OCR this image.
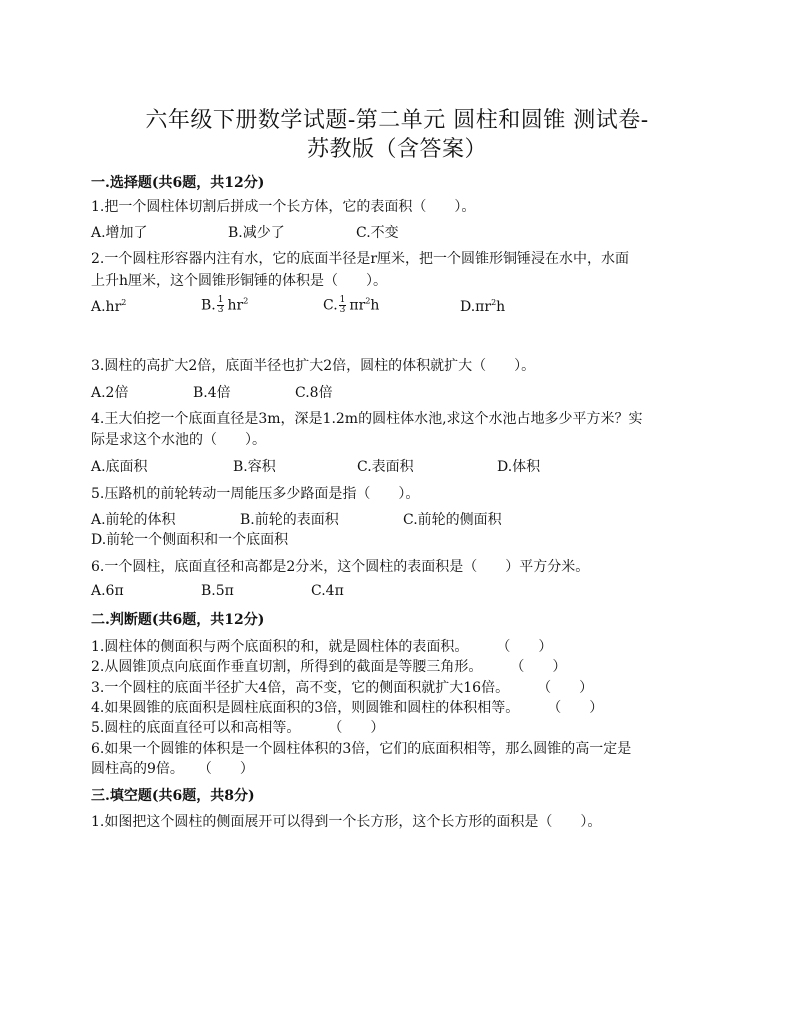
六年级下册数学试题-第二单元 圆柱和圆锥 测试卷-
苏教版（含答案）
一.选择题(共6题，共12分)
1.把一个圆柱体切割后拼成一个长方体，它的表面积（　　）。
A.增加了	B.减少了	C.不变
2.一个圆柱形容器内注有水，它的底面半径是r厘米，把一个圆锥形铜锤浸在水中，水面
上升h厘米，这个圆锥形铜锤的体积是（　　）。
$A.hr^2$	B. $\frac{1}{3} hr^2$	C. $\frac{1}{3} \pi r^2h$	$D.\pi r^2h$
3.圆柱的高扩大2倍，底面半径也扩大2倍，圆柱的体积就扩大（　　）。
A.2倍	B.4倍	C.8倍
4.王大伯挖一个底面直径是3m，深是1.2m的圆柱体水池,求这个水池占地多少平方米？实
际是求这个水池的（　　）。
A.底面积	B.容积	C.表面积	D.体积
5.压路机的前轮转动一周能压多少路面是指（　　）。
A.前轮的体积	B.前轮的表面积	C.前轮的侧面积
D.前轮一个侧面积和一个底面积
6.一个圆柱，底面直径和高都是2分米，这个圆柱的表面积是（　　）平方分米。
A.6π	B.5π	C.4π
二.判断题(共6题，共12分)
1.圆柱体的侧面积与两个底面积的和，就是圆柱体的表面积。　　　（　　）
2.从圆锥顶点向底面作垂直切割，所得到的截面是等腰三角形。　　　（　　）
3.一个圆柱的底面半径扩大4倍，高不变，它的侧面积就扩大16倍。　　　（　　）
4.如果圆锥的底面积是圆柱底面积的3倍，则圆锥和圆柱的体积相等。　　　（　　）
5.圆柱的底面直径可以和高相等。　　　（　　）
6.如果一个圆锥的体积是一个圆柱体积的3倍，它们的底面积相等，那么圆锥的高一定是
圆柱高的9倍。　　（　　）
三.填空题(共6题，共8分)
1.如图把这个圆柱的侧面展开可以得到一个长方形，这个长方形的面积是（　　）。
